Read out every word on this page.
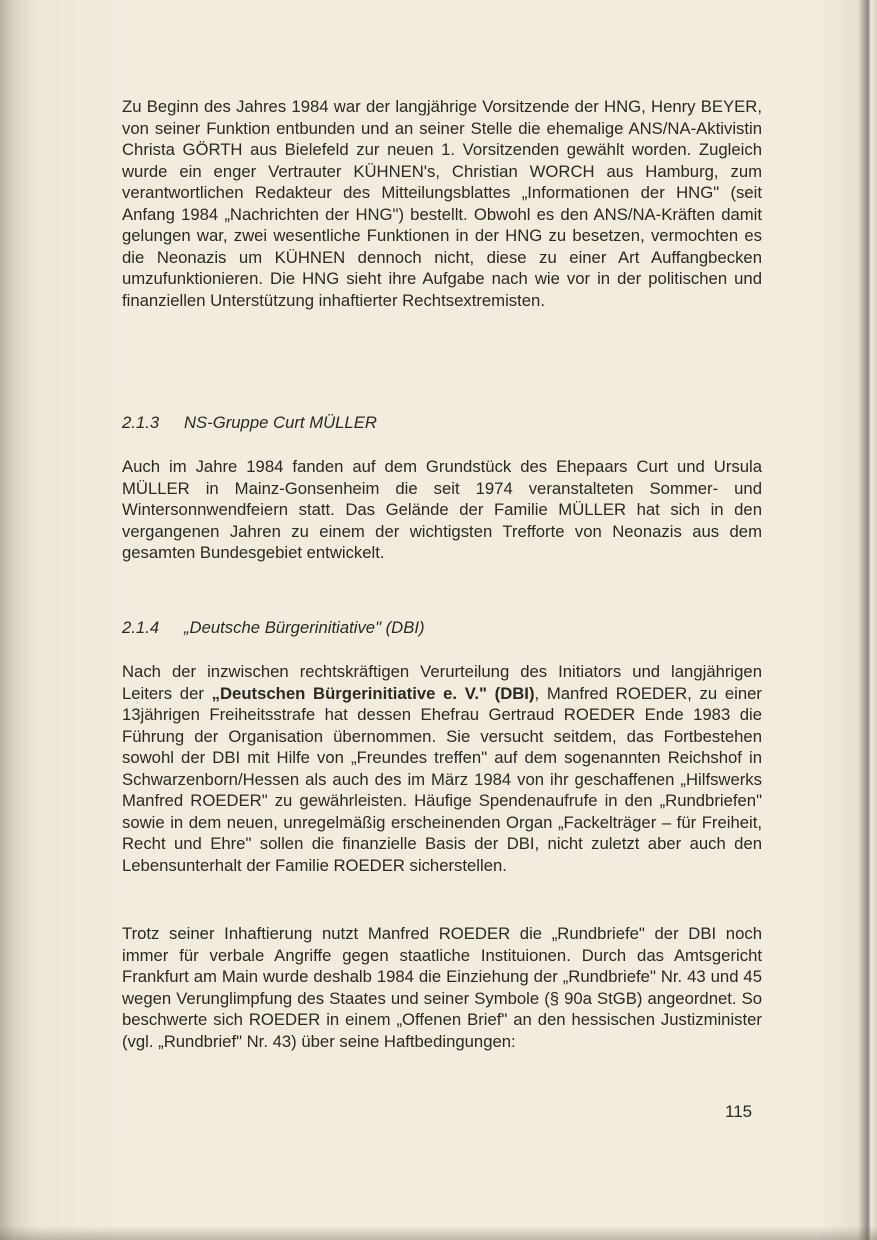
Zu Beginn des Jahres 1984 war der langjährige Vorsitzende der HNG, Henry BEYER, von seiner Funktion entbunden und an seiner Stelle die ehemalige ANS/NA-Aktivistin Christa GÖRTH aus Bielefeld zur neuen 1. Vorsitzenden gewählt worden. Zugleich wurde ein enger Vertrauter KÜHNEN's, Christian WORCH aus Hamburg, zum verantwortlichen Redakteur des Mitteilungsblattes „Informationen der HNG" (seit Anfang 1984 „Nachrichten der HNG") bestellt. Obwohl es den ANS/NA-Kräften damit gelungen war, zwei wesentliche Funktionen in der HNG zu besetzen, vermochten es die Neonazis um KÜHNEN dennoch nicht, diese zu einer Art Auffangbecken umzufunktionieren. Die HNG sieht ihre Aufgabe nach wie vor in der politischen und finanziellen Unterstützung inhaftierter Rechtsextremisten.

2.1.3 NS-Gruppe Curt MÜLLER

Auch im Jahre 1984 fanden auf dem Grundstück des Ehepaars Curt und Ursula MÜLLER in Mainz-Gonsenheim die seit 1974 veranstalteten Sommer- und Wintersonnwendfeiern statt. Das Gelände der Familie MÜLLER hat sich in den vergangenen Jahren zu einem der wichtigsten Trefforte von Neonazis aus dem gesamten Bundesgebiet entwickelt.

2.1.4 „Deutsche Bürgerinitiative" (DBI)

Nach der inzwischen rechtskräftigen Verurteilung des Initiators und langjährigen Leiters der „Deutschen Bürgerinitiative e. V." (DBI), Manfred ROEDER, zu einer 13jährigen Freiheitsstrafe hat dessen Ehefrau Gertraud ROEDER Ende 1983 die Führung der Organisation übernommen. Sie versucht seitdem, das Fortbestehen sowohl der DBI mit Hilfe von „Freundes treffen" auf dem sogenannten Reichshof in Schwarzenborn/Hessen als auch des im März 1984 von ihr geschaffenen „Hilfswerks Manfred ROEDER" zu gewährleisten. Häufige Spendenaufrufe in den „Rundbriefen" sowie in dem neuen, unregelmäßig erscheinenden Organ „Fackelträger – für Freiheit, Recht und Ehre" sollen die finanzielle Basis der DBI, nicht zuletzt aber auch den Lebensunterhalt der Familie ROEDER sicherstellen.

Trotz seiner Inhaftierung nutzt Manfred ROEDER die „Rundbriefe" der DBI noch immer für verbale Angriffe gegen staatliche Instituionen. Durch das Amtsgericht Frankfurt am Main wurde deshalb 1984 die Einziehung der „Rundbriefe" Nr. 43 und 45 wegen Verunglimpfung des Staates und seiner Symbole (§ 90a StGB) angeordnet. So beschwerte sich ROEDER in einem „Offenen Brief" an den hessischen Justizminister (vgl. „Rundbrief" Nr. 43) über seine Haftbedingungen:

115
